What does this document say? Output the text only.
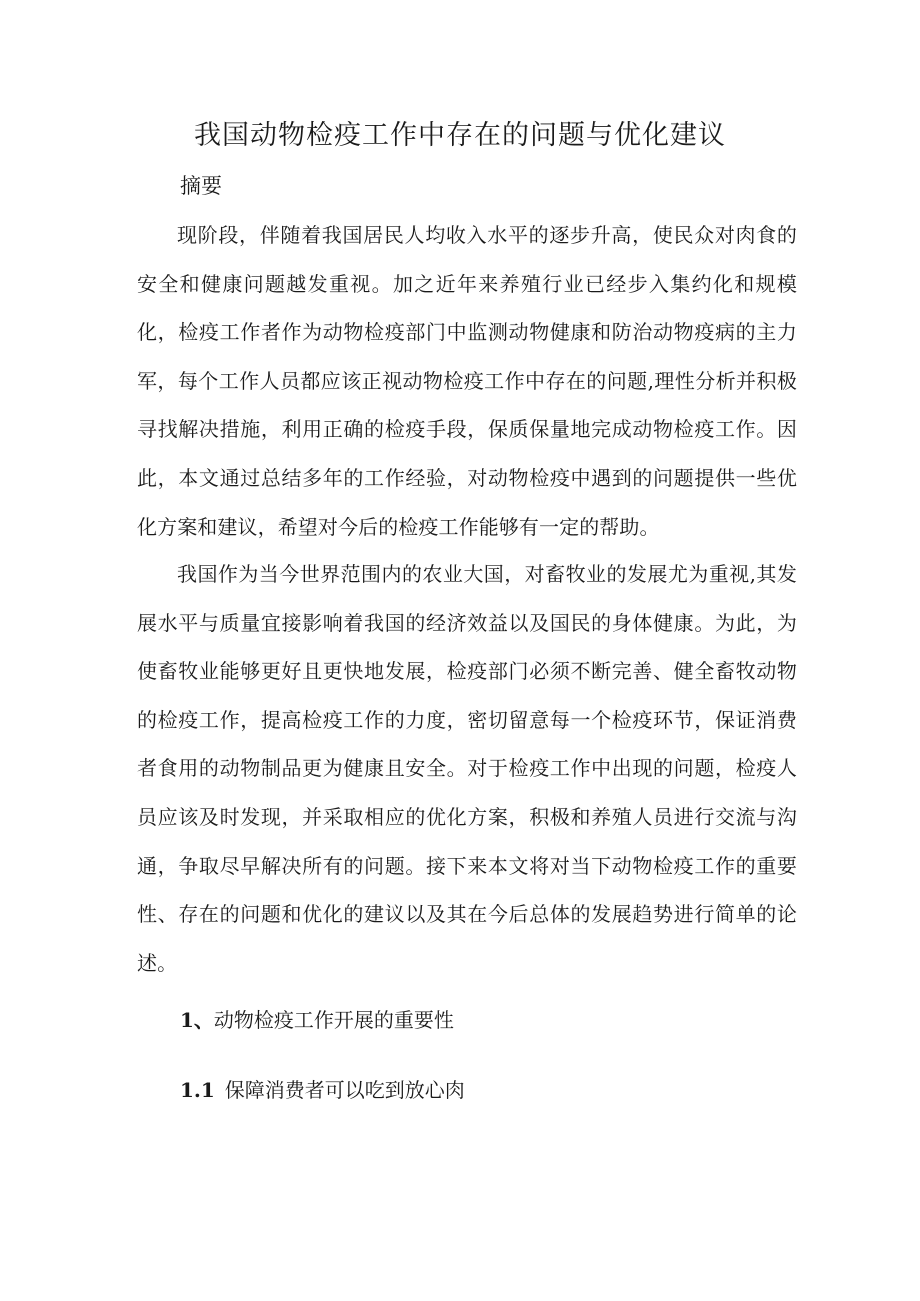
我国动物检疫工作中存在的问题与优化建议
摘要

现阶段，伴随着我国居民人均收入水平的逐步升高，使民众对肉食的安全和健康问题越发重视。加之近年来养殖行业已经步入集约化和规模化，检疫工作者作为动物检疫部门中监测动物健康和防治动物疫病的主力军，每个工作人员都应该正视动物检疫工作中存在的问题,理性分析并积极寻找解决措施，利用正确的检疫手段，保质保量地完成动物检疫工作。因此，本文通过总结多年的工作经验，对动物检疫中遇到的问题提供一些优化方案和建议，希望对今后的检疫工作能够有一定的帮助。

我国作为当今世界范围内的农业大国，对畜牧业的发展尤为重视,其发展水平与质量宜接影响着我国的经济效益以及国民的身体健康。为此，为使畜牧业能够更好且更快地发展，检疫部门必须不断完善、健全畜牧动物的检疫工作，提高检疫工作的力度，密切留意每一个检疫环节，保证消费者食用的动物制品更为健康且安全。对于检疫工作中出现的问题，检疫人员应该及时发现，并采取相应的优化方案，积极和养殖人员进行交流与沟通，争取尽早解决所有的问题。接下来本文将对当下动物检疫工作的重要性、存在的问题和优化的建议以及其在今后总体的发展趋势进行简单的论述。

1、动物检疫工作开展的重要性
1.1 保障消费者可以吃到放心肉
